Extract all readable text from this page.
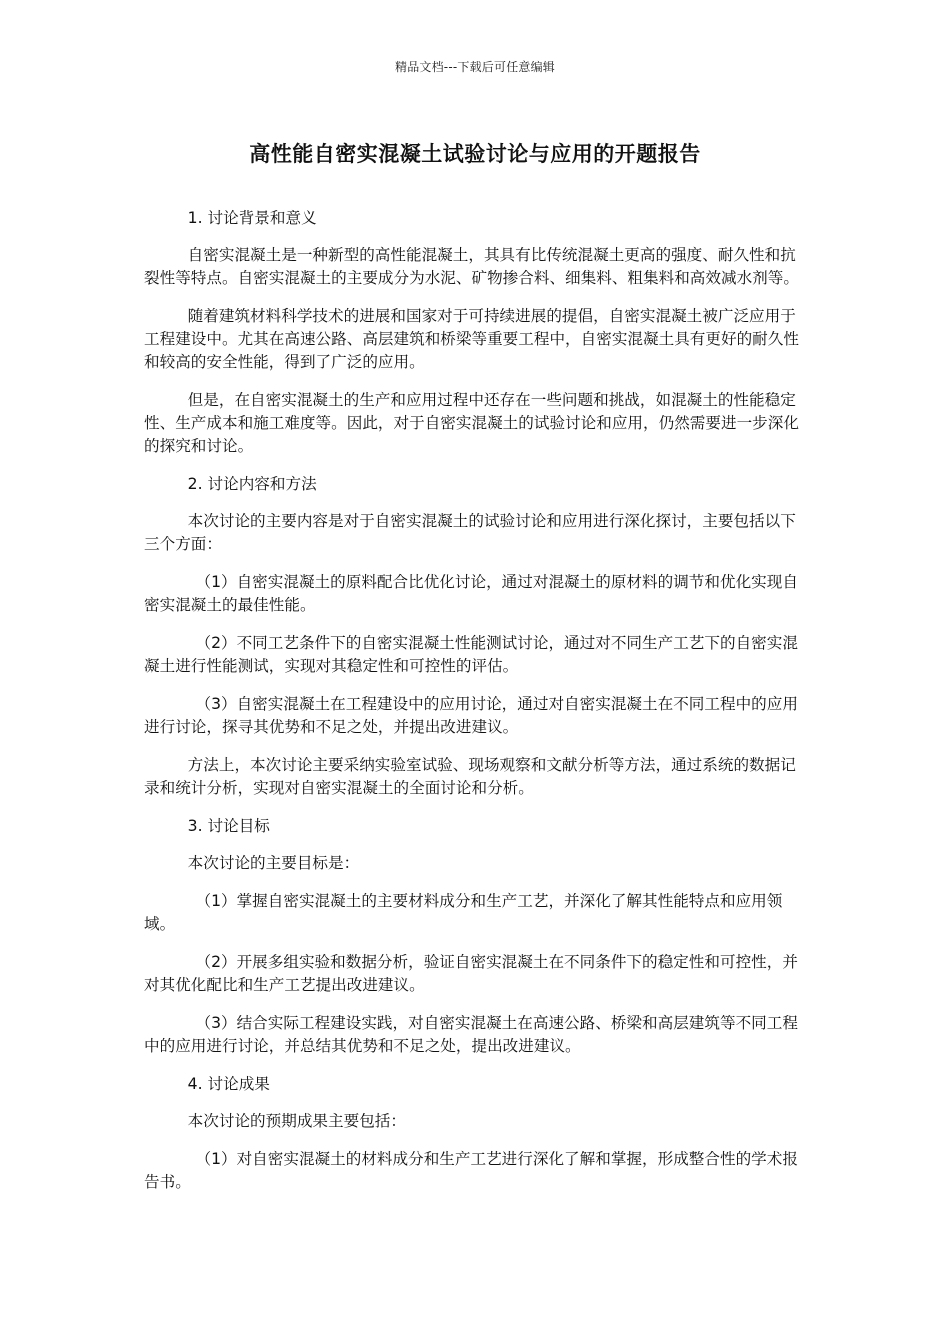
精品文档---下载后可任意编辑
高性能自密实混凝土试验讨论与应用的开题报告

1. 讨论背景和意义

自密实混凝土是一种新型的高性能混凝土，其具有比传统混凝土更高的强度、耐久性和抗裂性等特点。自密实混凝土的主要成分为水泥、矿物掺合料、细集料、粗集料和高效减水剂等。

随着建筑材料科学技术的进展和国家对于可持续进展的提倡，自密实混凝土被广泛应用于工程建设中。尤其在高速公路、高层建筑和桥梁等重要工程中，自密实混凝土具有更好的耐久性和较高的安全性能，得到了广泛的应用。

但是，在自密实混凝土的生产和应用过程中还存在一些问题和挑战，如混凝土的性能稳定性、生产成本和施工难度等。因此，对于自密实混凝土的试验讨论和应用，仍然需要进一步深化的探究和讨论。

2. 讨论内容和方法

本次讨论的主要内容是对于自密实混凝土的试验讨论和应用进行深化探讨，主要包括以下三个方面：

（1）自密实混凝土的原料配合比优化讨论，通过对混凝土的原材料的调节和优化实现自密实混凝土的最佳性能。

（2）不同工艺条件下的自密实混凝土性能测试讨论，通过对不同生产工艺下的自密实混凝土进行性能测试，实现对其稳定性和可控性的评估。

（3）自密实混凝土在工程建设中的应用讨论，通过对自密实混凝土在不同工程中的应用进行讨论，探寻其优势和不足之处，并提出改进建议。

方法上，本次讨论主要采纳实验室试验、现场观察和文献分析等方法，通过系统的数据记录和统计分析，实现对自密实混凝土的全面讨论和分析。

3. 讨论目标

本次讨论的主要目标是：

（1）掌握自密实混凝土的主要材料成分和生产工艺，并深化了解其性能特点和应用领域。

（2）开展多组实验和数据分析，验证自密实混凝土在不同条件下的稳定性和可控性，并对其优化配比和生产工艺提出改进建议。

（3）结合实际工程建设实践，对自密实混凝土在高速公路、桥梁和高层建筑等不同工程中的应用进行讨论，并总结其优势和不足之处，提出改进建议。

4. 讨论成果

本次讨论的预期成果主要包括：

（1）对自密实混凝土的材料成分和生产工艺进行深化了解和掌握，形成整合性的学术报告书。
